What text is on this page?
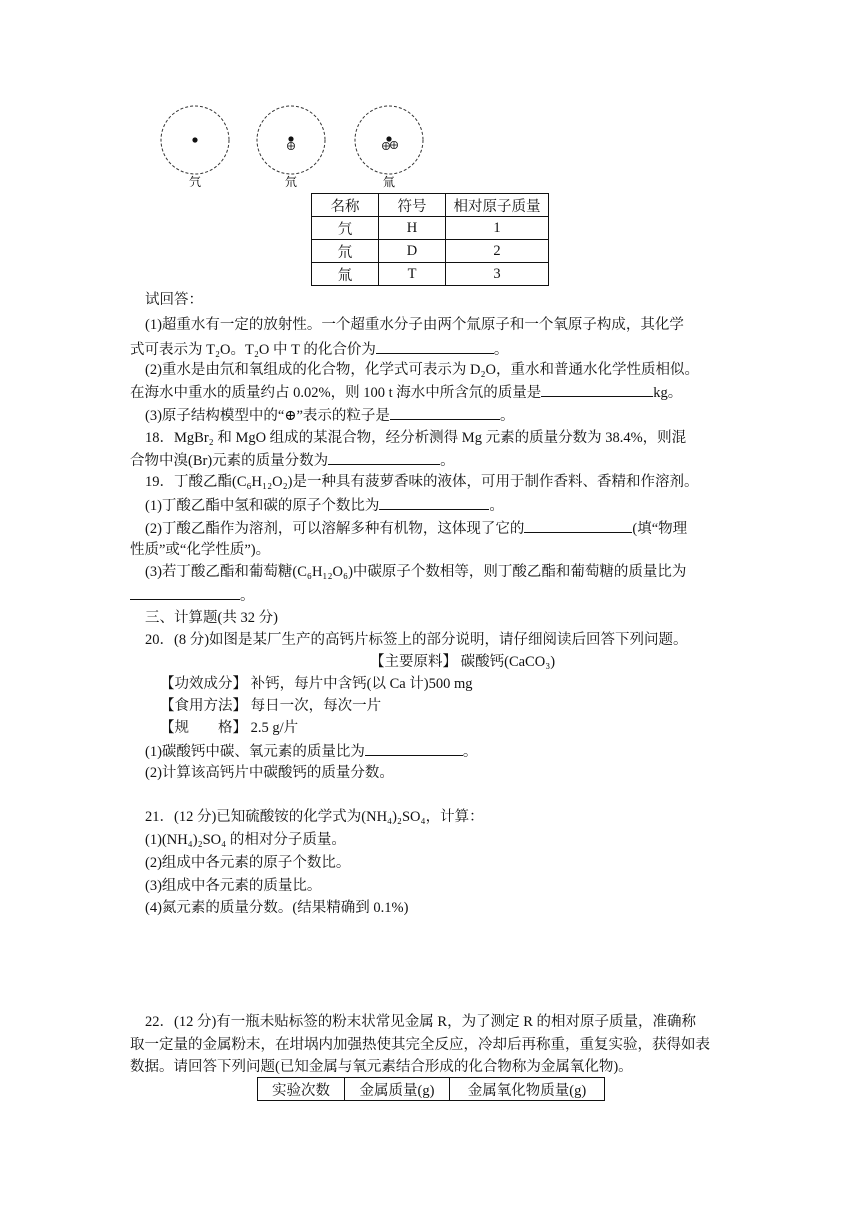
氕	氘	氚
名称	符号	相对原子质量
氕	H	1
氘	D	2
氚	T	3
试回答：
(1)超重水有一定的放射性。一个超重水分子由两个氚原子和一个氧原子构成，其化学
式可表示为 T₂O。T₂O 中 T 的化合价为	。
(2)重水是由氘和氧组成的化合物，化学式可表示为 D₂O，重水和普通水化学性质相似。
在海水中重水的质量约占 0.02%，则 100 t 海水中所含氘的质量是	kg。
(3)原子结构模型中的“⊕”表示的粒子是	。
18．MgBr₂ 和 MgO 组成的某混合物，经分析测得 Mg 元素的质量分数为 38.4%，则混
合物中溴(Br)元素的质量分数为	。
19．丁酸乙酯(C₆H₁₂O₂)是一种具有菠萝香味的液体，可用于制作香料、香精和作溶剂。
(1)丁酸乙酯中氢和碳的原子个数比为	。
(2)丁酸乙酯作为溶剂，可以溶解多种有机物，这体现了它的	(填“物理
性质”或“化学性质”)。
(3)若丁酸乙酯和葡萄糖(C₆H₁₂O₆)中碳原子个数相等，则丁酸乙酯和葡萄糖的质量比为
。
三、计算题(共 32 分)
20．(8 分)如图是某厂生产的高钙片标签上的部分说明，请仔细阅读后回答下列问题。
【主要原料】 碳酸钙(CaCO₃)
【功效成分】 补钙，每片中含钙(以 Ca 计)500 mg
【食用方法】 每日一次，每次一片
【规　　格】 2.5 g/片
(1)碳酸钙中碳、氧元素的质量比为	。
(2)计算该高钙片中碳酸钙的质量分数。
21．(12 分)已知硫酸铵的化学式为(NH₄)₂SO₄，计算：
(1)(NH₄)₂SO₄ 的相对分子质量。
(2)组成中各元素的原子个数比。
(3)组成中各元素的质量比。
(4)氮元素的质量分数。(结果精确到 0.1%)
22．(12 分)有一瓶未贴标签的粉末状常见金属 R，为了测定 R 的相对原子质量，准确称
取一定量的金属粉末，在坩埚内加强热使其完全反应，冷却后再称重，重复实验，获得如表
数据。请回答下列问题(已知金属与氧元素结合形成的化合物称为金属氧化物)。
实验次数	金属质量(g)	金属氧化物质量(g)
